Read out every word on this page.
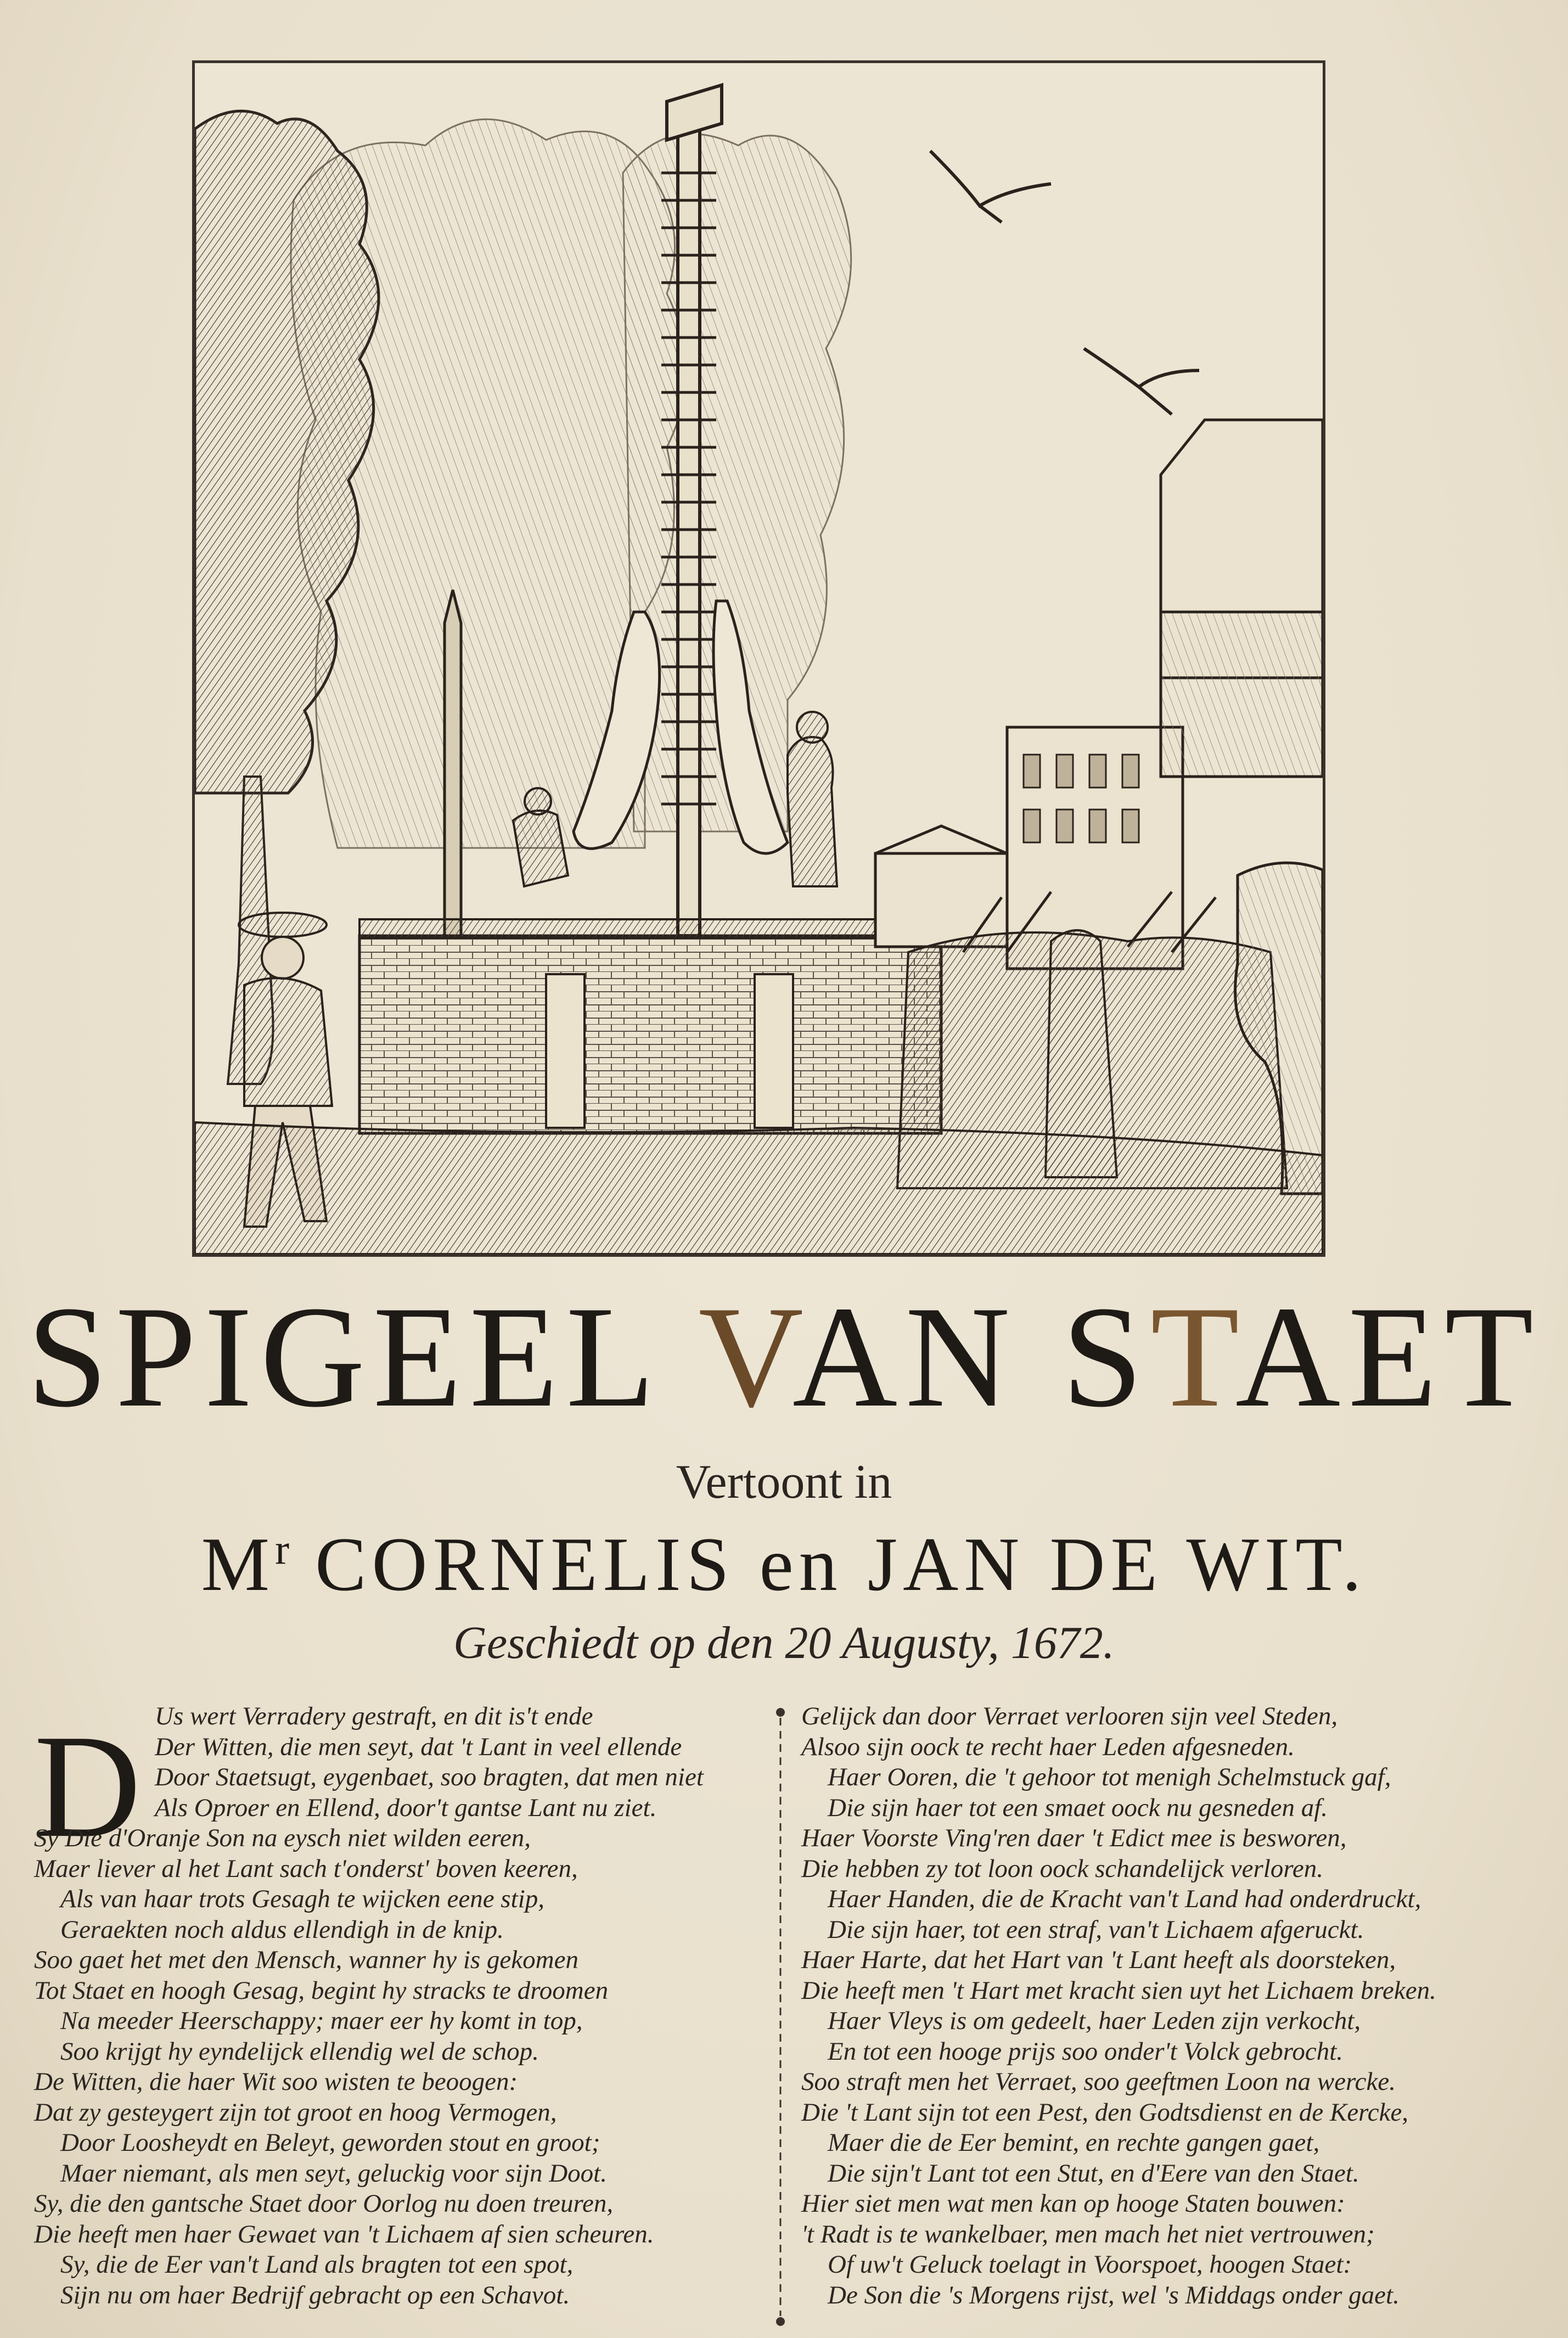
SPIGEEL VAN STAET
Vertoont in
$M^r$ CORNELIS en JAN DE WIT.
Geschiedt op den 20 Augusty, 1672.
D Us wert Verradery gestraft, en dit is't ende
Der Witten, die men seyt, dat 't Lant in veel ellende
Door Staetsugt, eygenbaet, soo bragten, dat men niet
Als Oproer en Ellend, door't gantse Lant nu ziet.
Sy Die d'Oranje Son na eysch niet wilden eeren,
Maer liever al het Lant sach t'onderst' boven keeren,
Als van haar trots Gesagh te wijcken eene stip,
Geraekten noch aldus ellendigh in de knip.
Soo gaet het met den Mensch, wanner hy is gekomen
Tot Staet en hoogh Gesag, begint hy stracks te droomen
Na meeder Heerschappy; maer eer hy komt in top,
Soo krijgt hy eyndelijck ellendig wel de schop.
De Witten, die haer Wit soo wisten te beoogen:
Dat zy gesteygert zijn tot groot en hoog Vermogen,
Door Loosheydt en Beleyt, geworden stout en groot;
Maer niemant, als men seyt, geluckig voor sijn Doot.
Sy, die den gantsche Staet door Oorlog nu doen treuren,
Die heeft men haer Gewaet van 't Lichaem af sien scheuren.
Sy, die de Eer van't Land als bragten tot een spot,
Sijn nu om haer Bedrijf gebracht op een Schavot.
Gelijck dan door Verraet verlooren sijn veel Steden,
Alsoo sijn oock te recht haer Leden afgesneden.
Haer Ooren, die 't gehoor tot menigh Schelmstuck gaf,
Die sijn haer tot een smaet oock nu gesneden af.
Haer Voorste Ving'ren daer 't Edict mee is besworen,
Die hebben zy tot loon oock schandelijck verloren.
Haer Handen, die de Kracht van't Land had onderdruckt,
Die sijn haer, tot een straf, van't Lichaem afgeruckt.
Haer Harte, dat het Hart van 't Lant heeft als doorsteken,
Die heeft men 't Hart met kracht sien uyt het Lichaem breken.
Haer Vleys is om gedeelt, haer Leden zijn verkocht,
En tot een hooge prijs soo onder't Volck gebrocht.
Soo straft men het Verraet, soo geeftmen Loon na wercke.
Die 't Lant sijn tot een Pest, den Godtsdienst en de Kercke,
Maer die de Eer bemint, en rechte gangen gaet,
Die sijn't Lant tot een Stut, en d'Eere van den Staet.
Hier siet men wat men kan op hooge Staten bouwen:
't Radt is te wankelbaer, men mach het niet vertrouwen;
Of uw't Geluck toelagt in Voorspoet, hoogen Staet:
De Son die 's Morgens rijst, wel 's Middags onder gaet.
